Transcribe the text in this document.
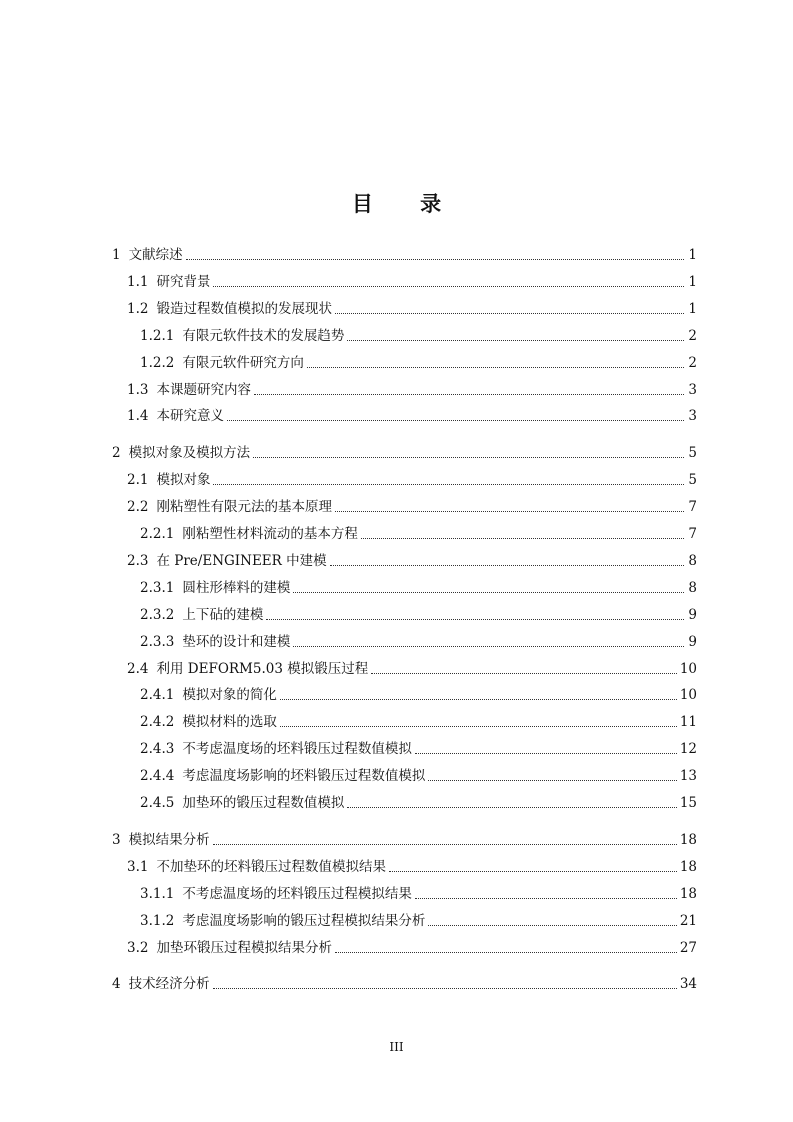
目 录
1 文献综述	1
1.1 研究背景	1
1.2 锻造过程数值模拟的发展现状	1
1.2.1 有限元软件技术的发展趋势	2
1.2.2 有限元软件研究方向	2
1.3 本课题研究内容	3
1.4 本研究意义	3
2 模拟对象及模拟方法	5
2.1 模拟对象	5
2.2 刚粘塑性有限元法的基本原理	7
2.2.1 刚粘塑性材料流动的基本方程	7
2.3 在 Pre/ENGINEER 中建模	8
2.3.1 圆柱形棒料的建模	8
2.3.2 上下砧的建模	9
2.3.3 垫环的设计和建模	9
2.4 利用 DEFORM5.03 模拟锻压过程	10
2.4.1 模拟对象的简化	10
2.4.2 模拟材料的选取	11
2.4.3 不考虑温度场的坯料锻压过程数值模拟	12
2.4.4 考虑温度场影响的坯料锻压过程数值模拟	13
2.4.5 加垫环的锻压过程数值模拟	15
3 模拟结果分析	18
3.1 不加垫环的坯料锻压过程数值模拟结果	18
3.1.1 不考虑温度场的坯料锻压过程模拟结果	18
3.1.2 考虑温度场影响的锻压过程模拟结果分析	21
3.2 加垫环锻压过程模拟结果分析	27
4 技术经济分析	34
III
